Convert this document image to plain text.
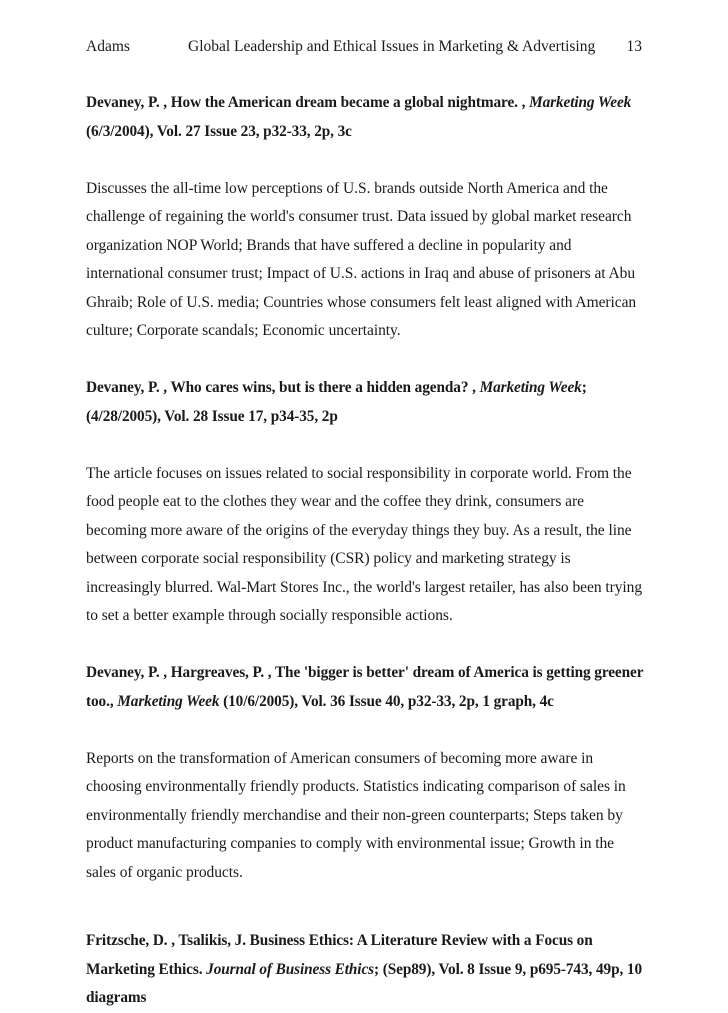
Adams	Global Leadership and Ethical Issues in Marketing & Advertising 13

Devaney, P. , How the American dream became a global nightmare. , Marketing Week (6/3/2004), Vol. 27 Issue 23, p32-33, 2p, 3c

Discusses the all-time low perceptions of U.S. brands outside North America and the challenge of regaining the world's consumer trust. Data issued by global market research organization NOP World; Brands that have suffered a decline in popularity and international consumer trust; Impact of U.S. actions in Iraq and abuse of prisoners at Abu Ghraib; Role of U.S. media; Countries whose consumers felt least aligned with American culture; Corporate scandals; Economic uncertainty.

Devaney, P. , Who cares wins, but is there a hidden agenda? , Marketing Week; (4/28/2005), Vol. 28 Issue 17, p34-35, 2p

The article focuses on issues related to social responsibility in corporate world. From the food people eat to the clothes they wear and the coffee they drink, consumers are becoming more aware of the origins of the everyday things they buy. As a result, the line between corporate social responsibility (CSR) policy and marketing strategy is increasingly blurred. Wal-Mart Stores Inc., the world's largest retailer, has also been trying to set a better example through socially responsible actions.

Devaney, P. , Hargreaves, P. , The 'bigger is better' dream of America is getting greener too., Marketing Week (10/6/2005), Vol. 36 Issue 40, p32-33, 2p, 1 graph, 4c

Reports on the transformation of American consumers of becoming more aware in choosing environmentally friendly products. Statistics indicating comparison of sales in environmentally friendly merchandise and their non-green counterparts; Steps taken by product manufacturing companies to comply with environmental issue; Growth in the sales of organic products.

Fritzsche, D. , Tsalikis, J. Business Ethics: A Literature Review with a Focus on Marketing Ethics. Journal of Business Ethics; (Sep89), Vol. 8 Issue 9, p695-743, 49p, 10 diagrams
